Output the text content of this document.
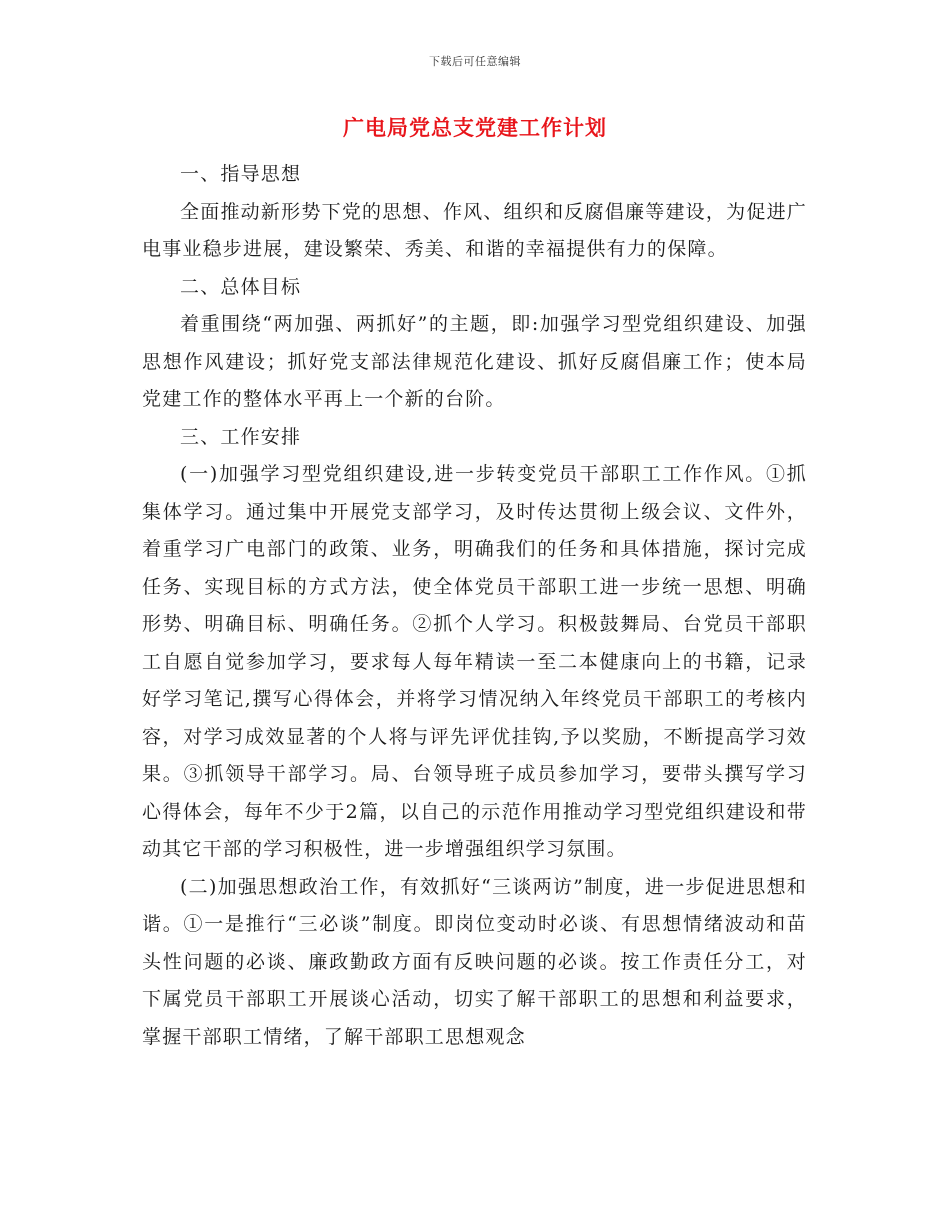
下载后可任意编辑
广电局党总支党建工作计划

一、指导思想

全面推动新形势下党的思想、作风、组织和反腐倡廉等建设，为促进广电事业稳步进展，建设繁荣、秀美、和谐的幸福提供有力的保障。

二、总体目标

着重围绕“两加强、两抓好”的主题，即:加强学习型党组织建设、加强思想作风建设；抓好党支部法律规范化建设、抓好反腐倡廉工作；使本局党建工作的整体水平再上一个新的台阶。

三、工作安排

(一)加强学习型党组织建设,进一步转变党员干部职工工作作风。①抓集体学习。通过集中开展党支部学习，及时传达贯彻上级会议、文件外，着重学习广电部门的政策、业务，明确我们的任务和具体措施，探讨完成任务、实现目标的方式方法，使全体党员干部职工进一步统一思想、明确形势、明确目标、明确任务。②抓个人学习。积极鼓舞局、台党员干部职工自愿自觉参加学习，要求每人每年精读一至二本健康向上的书籍，记录好学习笔记,撰写心得体会，并将学习情况纳入年终党员干部职工的考核内容，对学习成效显著的个人将与评先评优挂钩,予以奖励，不断提高学习效果。③抓领导干部学习。局、台领导班子成员参加学习，要带头撰写学习心得体会，每年不少于2篇，以自己的示范作用推动学习型党组织建设和带动其它干部的学习积极性，进一步增强组织学习氛围。

(二)加强思想政治工作，有效抓好“三谈两访”制度，进一步促进思想和谐。①一是推行“三必谈”制度。即岗位变动时必谈、有思想情绪波动和苗头性问题的必谈、廉政勤政方面有反映问题的必谈。按工作责任分工，对下属党员干部职工开展谈心活动，切实了解干部职工的思想和利益要求，掌握干部职工情绪，了解干部职工思想观念
